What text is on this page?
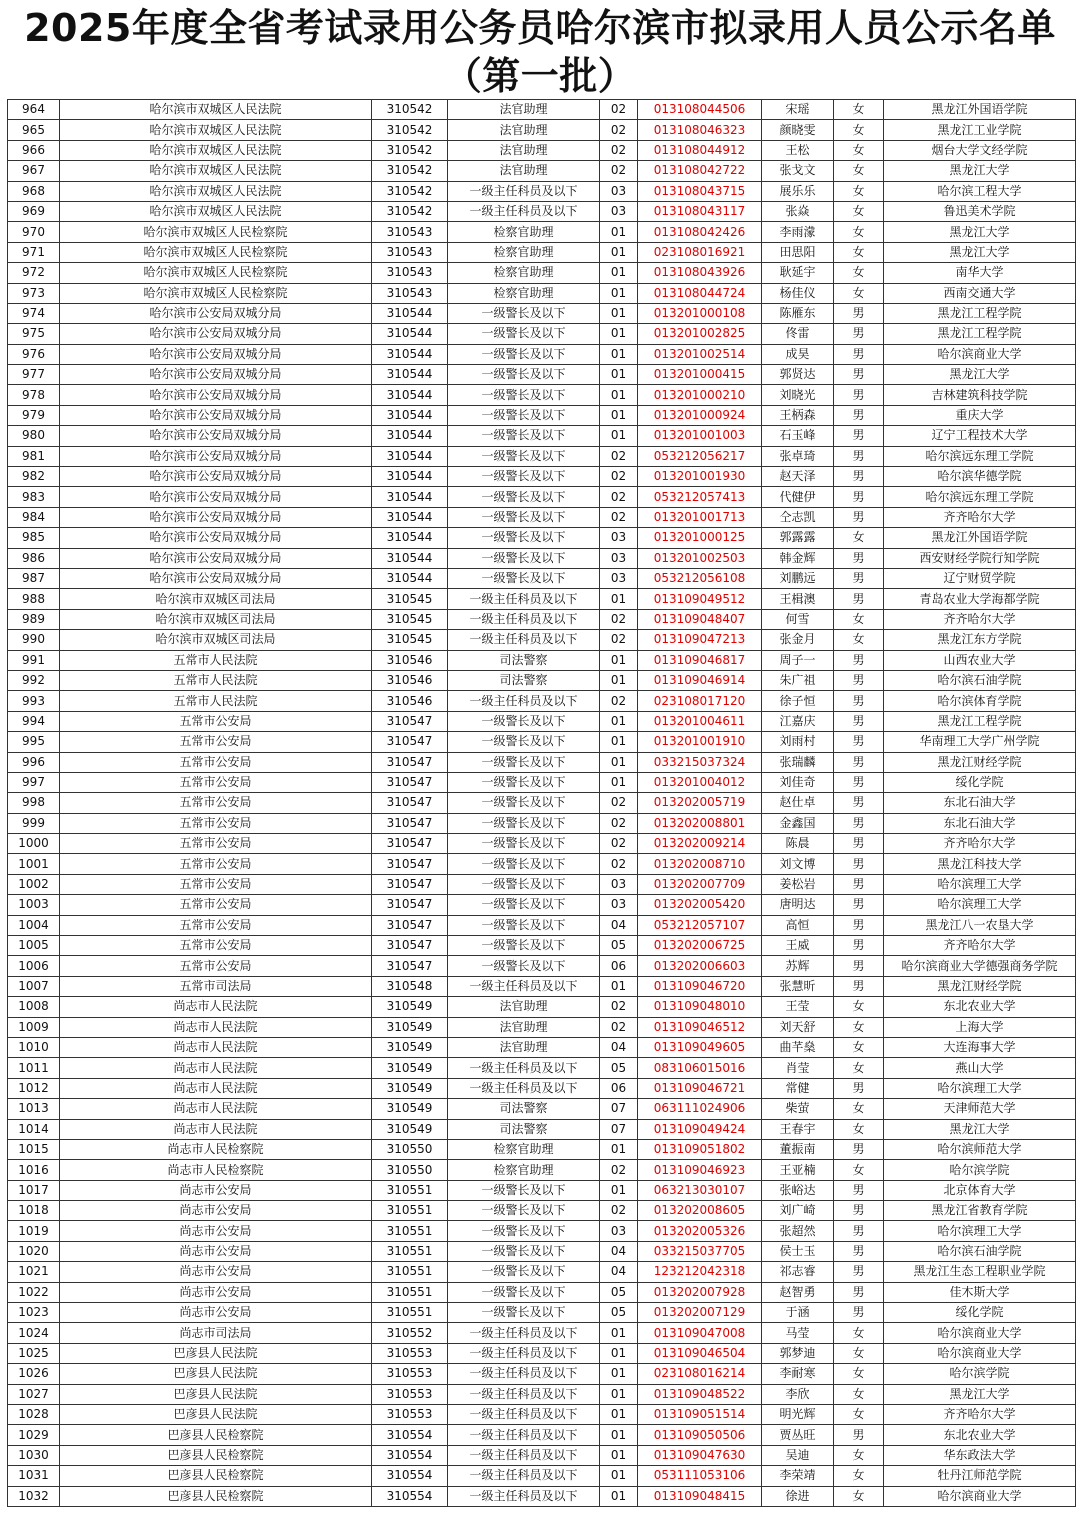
2025年度全省考试录用公务员哈尔滨市拟录用人员公示名单（第一批）
964	哈尔滨市双城区人民法院	310542	法官助理	02	013108044506	宋瑶	女	黑龙江外国语学院
965	哈尔滨市双城区人民法院	310542	法官助理	02	013108046323	颜晓雯	女	黑龙江工业学院
966	哈尔滨市双城区人民法院	310542	法官助理	02	013108044912	王松	女	烟台大学文经学院
967	哈尔滨市双城区人民法院	310542	法官助理	02	013108042722	张戈文	女	黑龙江大学
968	哈尔滨市双城区人民法院	310542	一级主任科员及以下	03	013108043715	展乐乐	女	哈尔滨工程大学
969	哈尔滨市双城区人民法院	310542	一级主任科员及以下	03	013108043117	张焱	女	鲁迅美术学院
970	哈尔滨市双城区人民检察院	310543	检察官助理	01	013108042426	李雨濛	女	黑龙江大学
971	哈尔滨市双城区人民检察院	310543	检察官助理	01	023108016921	田思阳	女	黑龙江大学
972	哈尔滨市双城区人民检察院	310543	检察官助理	01	013108043926	耿延宇	女	南华大学
973	哈尔滨市双城区人民检察院	310543	检察官助理	01	013108044724	杨佳仪	女	西南交通大学
974	哈尔滨市公安局双城分局	310544	一级警长及以下	01	013201000108	陈雁东	男	黑龙江工程学院
975	哈尔滨市公安局双城分局	310544	一级警长及以下	01	013201002825	佟雷	男	黑龙江工程学院
976	哈尔滨市公安局双城分局	310544	一级警长及以下	01	013201002514	成昊	男	哈尔滨商业大学
977	哈尔滨市公安局双城分局	310544	一级警长及以下	01	013201000415	郭贤达	男	黑龙江大学
978	哈尔滨市公安局双城分局	310544	一级警长及以下	01	013201000210	刘晓光	男	吉林建筑科技学院
979	哈尔滨市公安局双城分局	310544	一级警长及以下	01	013201000924	王柄森	男	重庆大学
980	哈尔滨市公安局双城分局	310544	一级警长及以下	01	013201001003	石玉峰	男	辽宁工程技术大学
981	哈尔滨市公安局双城分局	310544	一级警长及以下	02	053212056217	张卓琦	男	哈尔滨远东理工学院
982	哈尔滨市公安局双城分局	310544	一级警长及以下	02	013201001930	赵天泽	男	哈尔滨华德学院
983	哈尔滨市公安局双城分局	310544	一级警长及以下	02	053212057413	代健伊	男	哈尔滨远东理工学院
984	哈尔滨市公安局双城分局	310544	一级警长及以下	02	013201001713	仝志凯	男	齐齐哈尔大学
985	哈尔滨市公安局双城分局	310544	一级警长及以下	03	013201000125	郭露露	女	黑龙江外国语学院
986	哈尔滨市公安局双城分局	310544	一级警长及以下	03	013201002503	韩金辉	男	西安财经学院行知学院
987	哈尔滨市公安局双城分局	310544	一级警长及以下	03	053212056108	刘鹏远	男	辽宁财贸学院
988	哈尔滨市双城区司法局	310545	一级主任科员及以下	01	013109049512	王楫澳	男	青岛农业大学海都学院
989	哈尔滨市双城区司法局	310545	一级主任科员及以下	02	013109048407	何雪	女	齐齐哈尔大学
990	哈尔滨市双城区司法局	310545	一级主任科员及以下	02	013109047213	张金月	女	黑龙江东方学院
991	五常市人民法院	310546	司法警察	01	013109046817	周子一	男	山西农业大学
992	五常市人民法院	310546	司法警察	01	013109046914	朱广祖	男	哈尔滨石油学院
993	五常市人民法院	310546	一级主任科员及以下	02	023108017120	徐子恒	男	哈尔滨体育学院
994	五常市公安局	310547	一级警长及以下	01	013201004611	江嘉庆	男	黑龙江工程学院
995	五常市公安局	310547	一级警长及以下	01	013201001910	刘雨村	男	华南理工大学广州学院
996	五常市公安局	310547	一级警长及以下	01	033215037324	张瑞麟	男	黑龙江财经学院
997	五常市公安局	310547	一级警长及以下	01	013201004012	刘佳奇	男	绥化学院
998	五常市公安局	310547	一级警长及以下	02	013202005719	赵仕卓	男	东北石油大学
999	五常市公安局	310547	一级警长及以下	02	013202008801	金鑫国	男	东北石油大学
1000	五常市公安局	310547	一级警长及以下	02	013202009214	陈晨	男	齐齐哈尔大学
1001	五常市公安局	310547	一级警长及以下	02	013202008710	刘文博	男	黑龙江科技大学
1002	五常市公安局	310547	一级警长及以下	03	013202007709	姜松岩	男	哈尔滨理工大学
1003	五常市公安局	310547	一级警长及以下	03	013202005420	唐明达	男	哈尔滨理工大学
1004	五常市公安局	310547	一级警长及以下	04	053212057107	高恒	男	黑龙江八一农垦大学
1005	五常市公安局	310547	一级警长及以下	05	013202006725	王威	男	齐齐哈尔大学
1006	五常市公安局	310547	一级警长及以下	06	013202006603	苏辉	男	哈尔滨商业大学德强商务学院
1007	五常市司法局	310548	一级主任科员及以下	01	013109046720	张慧昕	男	黑龙江财经学院
1008	尚志市人民法院	310549	法官助理	02	013109048010	王莹	女	东北农业大学
1009	尚志市人民法院	310549	法官助理	02	013109046512	刘天舒	女	上海大学
1010	尚志市人民法院	310549	法官助理	04	013109049605	曲芊燊	女	大连海事大学
1011	尚志市人民法院	310549	一级主任科员及以下	05	083106015016	肖莹	女	燕山大学
1012	尚志市人民法院	310549	一级主任科员及以下	06	013109046721	常健	男	哈尔滨理工大学
1013	尚志市人民法院	310549	司法警察	07	063111024906	柴萤	女	天津师范大学
1014	尚志市人民法院	310549	司法警察	07	013109049424	王春宇	女	黑龙江大学
1015	尚志市人民检察院	310550	检察官助理	01	013109051802	董振南	男	哈尔滨师范大学
1016	尚志市人民检察院	310550	检察官助理	02	013109046923	王亚楠	女	哈尔滨学院
1017	尚志市公安局	310551	一级警长及以下	01	063213030107	张峪达	男	北京体育大学
1018	尚志市公安局	310551	一级警长及以下	02	013202008605	刘广崎	男	黑龙江省教育学院
1019	尚志市公安局	310551	一级警长及以下	03	013202005326	张超然	男	哈尔滨理工大学
1020	尚志市公安局	310551	一级警长及以下	04	033215037705	侯士玉	男	哈尔滨石油学院
1021	尚志市公安局	310551	一级警长及以下	04	123212042318	祁志睿	男	黑龙江生态工程职业学院
1022	尚志市公安局	310551	一级警长及以下	05	013202007928	赵智勇	男	佳木斯大学
1023	尚志市公安局	310551	一级警长及以下	05	013202007129	于涵	男	绥化学院
1024	尚志市司法局	310552	一级主任科员及以下	01	013109047008	马莹	女	哈尔滨商业大学
1025	巴彦县人民法院	310553	一级主任科员及以下	01	013109046504	郭梦迪	女	哈尔滨商业大学
1026	巴彦县人民法院	310553	一级主任科员及以下	01	023108016214	李耐寒	女	哈尔滨学院
1027	巴彦县人民法院	310553	一级主任科员及以下	01	013109048522	李欣	女	黑龙江大学
1028	巴彦县人民法院	310553	一级主任科员及以下	01	013109051514	明光辉	女	齐齐哈尔大学
1029	巴彦县人民检察院	310554	一级主任科员及以下	01	013109050506	贾丛旺	男	东北农业大学
1030	巴彦县人民检察院	310554	一级主任科员及以下	01	013109047630	吴迪	女	华东政法大学
1031	巴彦县人民检察院	310554	一级主任科员及以下	01	053111053106	李荣靖	女	牡丹江师范学院
1032	巴彦县人民检察院	310554	一级主任科员及以下	01	013109048415	徐进	女	哈尔滨商业大学
